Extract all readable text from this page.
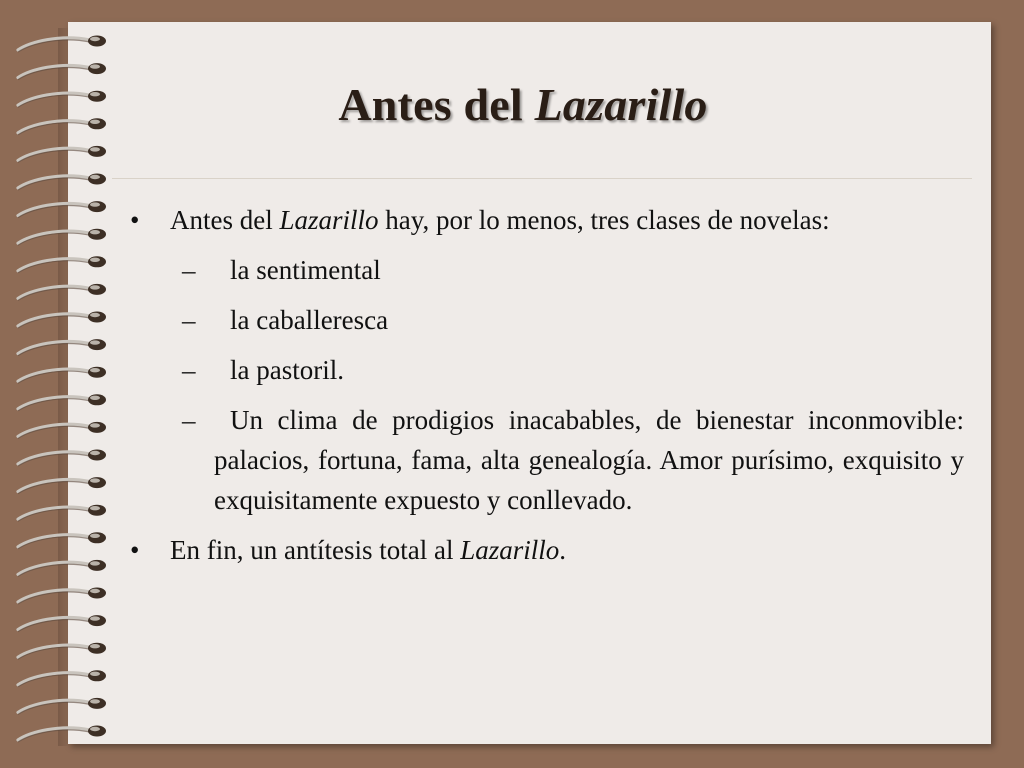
Antes del Lazarillo
• Antes del Lazarillo hay, por lo menos, tres clases de novelas:
– la sentimental
– la caballeresca
– la pastoril.
– Un clima de prodigios inacabables, de bienestar inconmovible: palacios, fortuna, fama, alta genealogía. Amor purísimo, exquisito y exquisitamente expuesto y conllevado.
• En fin, un antítesis total al Lazarillo.
